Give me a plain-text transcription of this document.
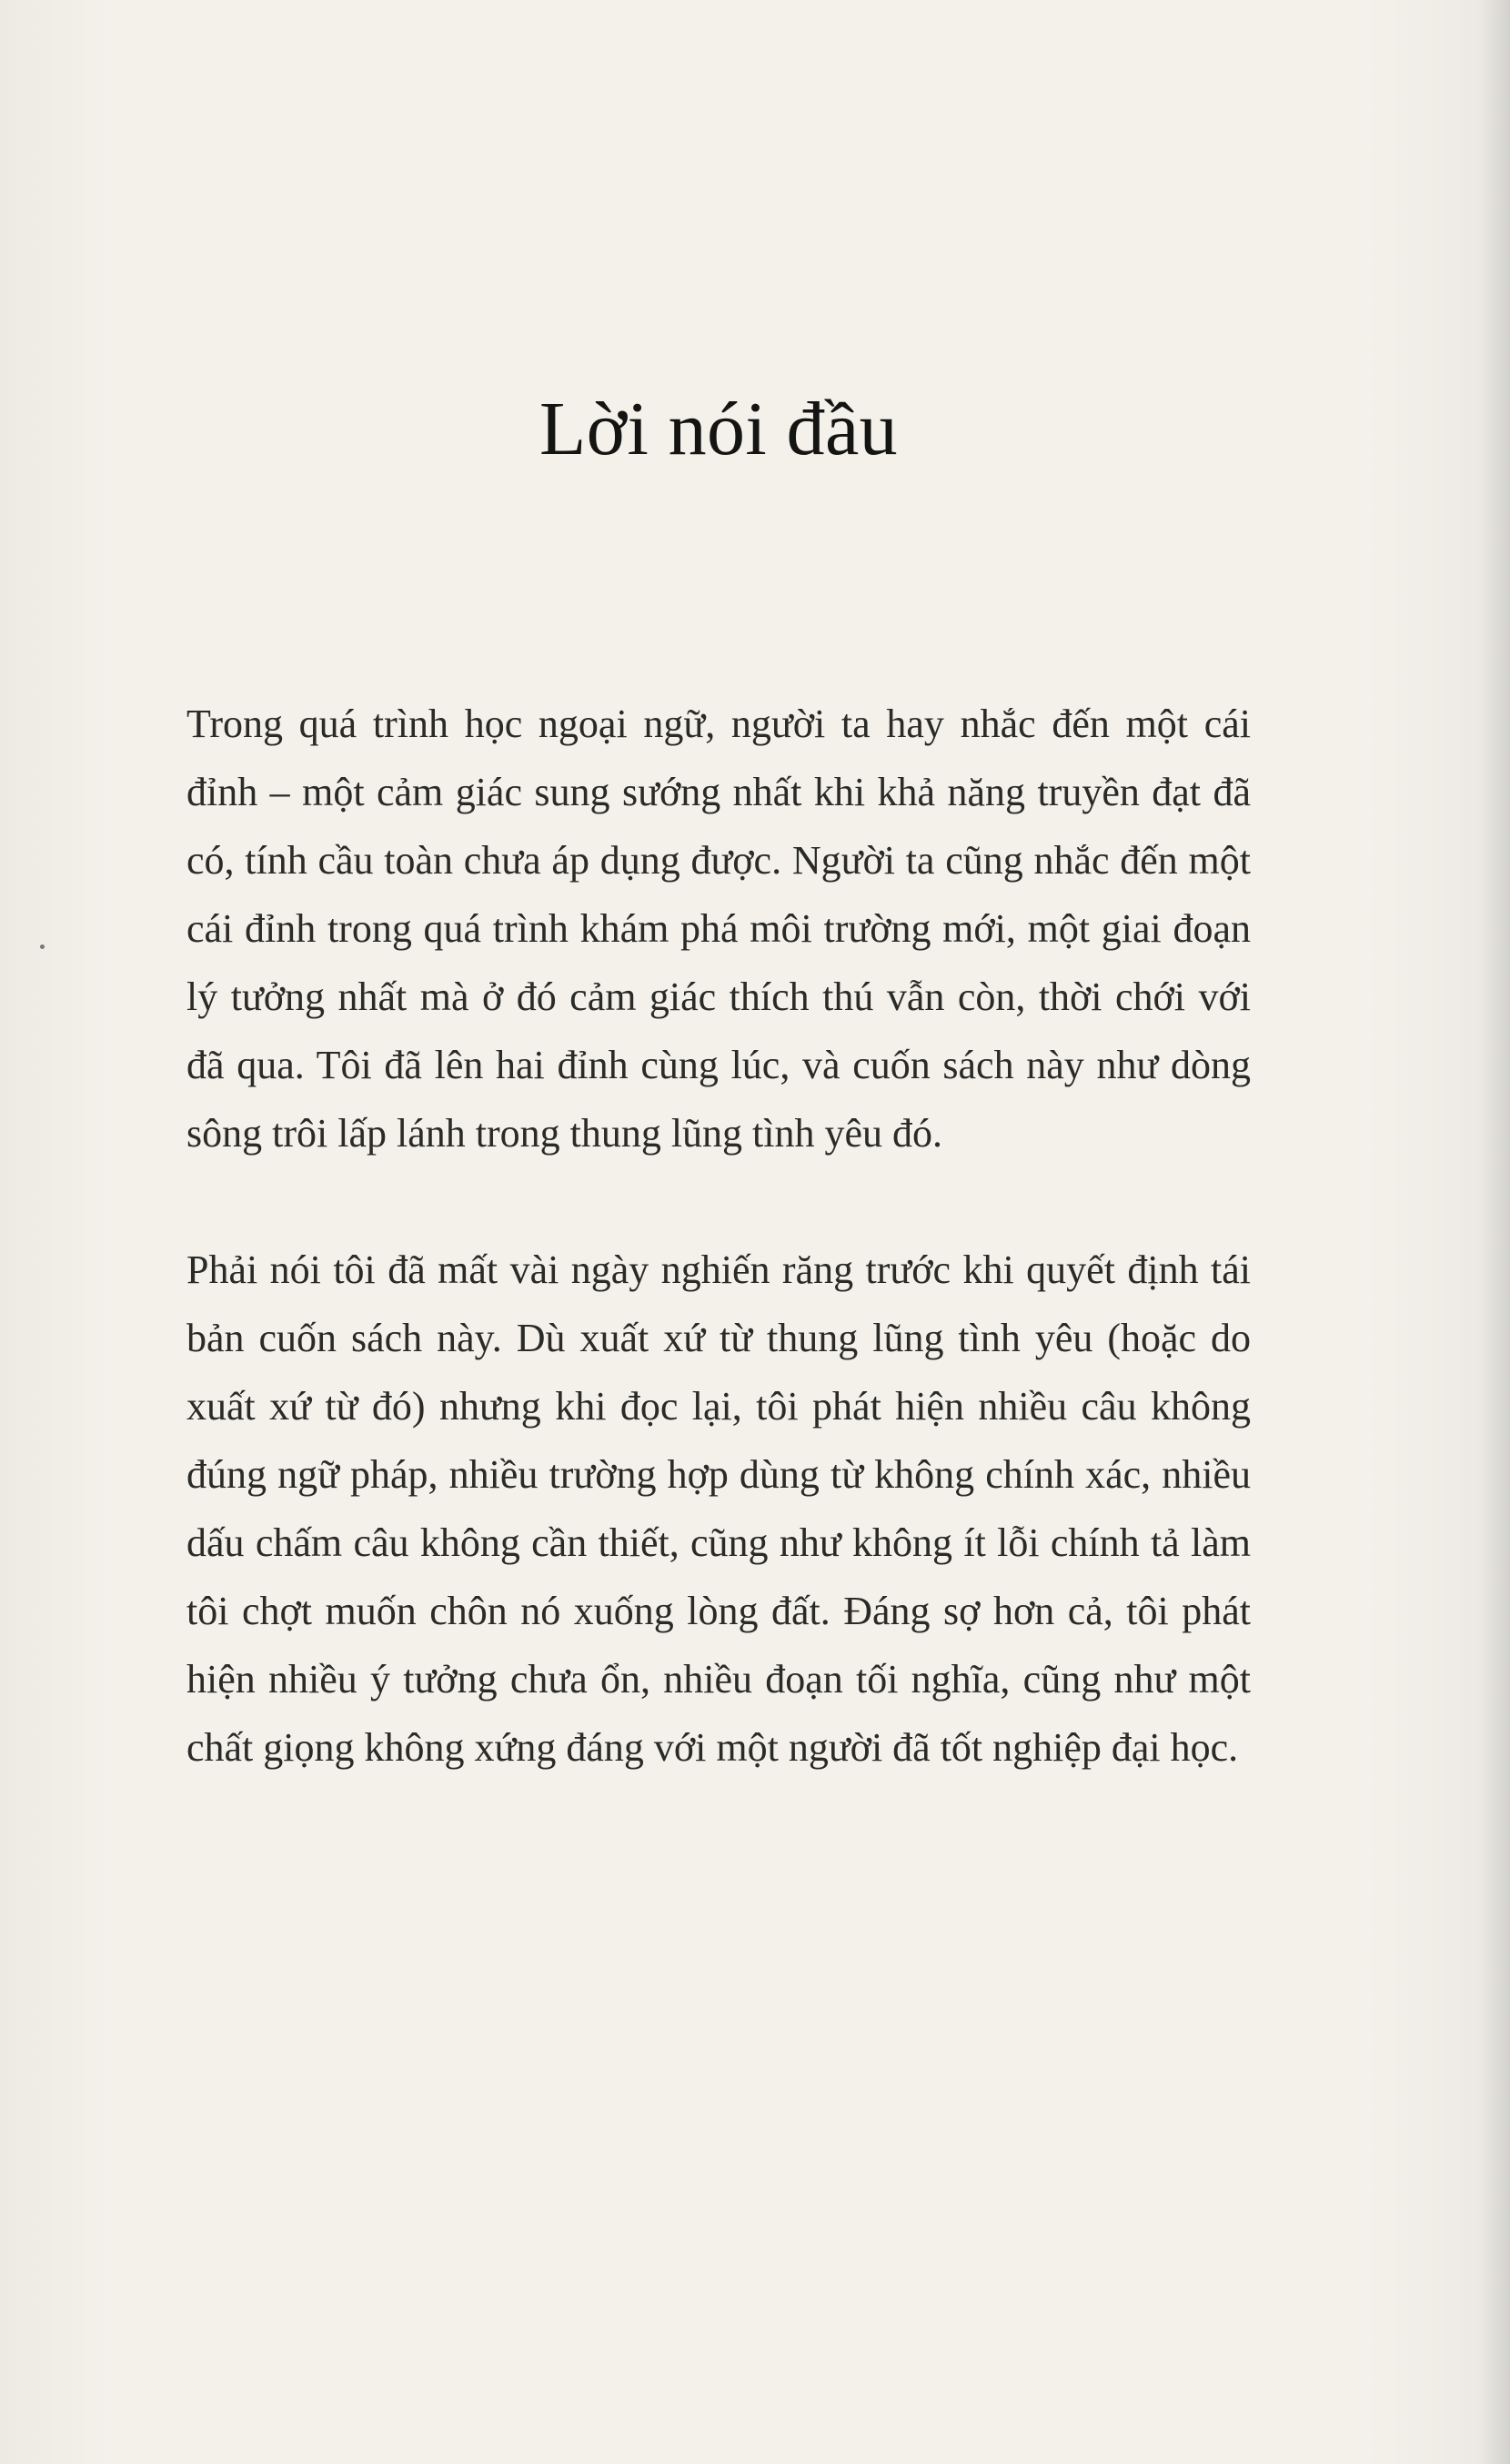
Lời nói đầu

Trong quá trình học ngoại ngữ, người ta hay nhắc đến một cái đỉnh – một cảm giác sung sướng nhất khi khả năng truyền đạt đã có, tính cầu toàn chưa áp dụng được. Người ta cũng nhắc đến một cái đỉnh trong quá trình khám phá môi trường mới, một giai đoạn lý tưởng nhất mà ở đó cảm giác thích thú vẫn còn, thời chới với đã qua. Tôi đã lên hai đỉnh cùng lúc, và cuốn sách này như dòng sông trôi lấp lánh trong thung lũng tình yêu đó.

Phải nói tôi đã mất vài ngày nghiến răng trước khi quyết định tái bản cuốn sách này. Dù xuất xứ từ thung lũng tình yêu (hoặc do xuất xứ từ đó) nhưng khi đọc lại, tôi phát hiện nhiều câu không đúng ngữ pháp, nhiều trường hợp dùng từ không chính xác, nhiều dấu chấm câu không cần thiết, cũng như không ít lỗi chính tả làm tôi chợt muốn chôn nó xuống lòng đất. Đáng sợ hơn cả, tôi phát hiện nhiều ý tưởng chưa ổn, nhiều đoạn tối nghĩa, cũng như một chất giọng không xứng đáng với một người đã tốt nghiệp đại học.
